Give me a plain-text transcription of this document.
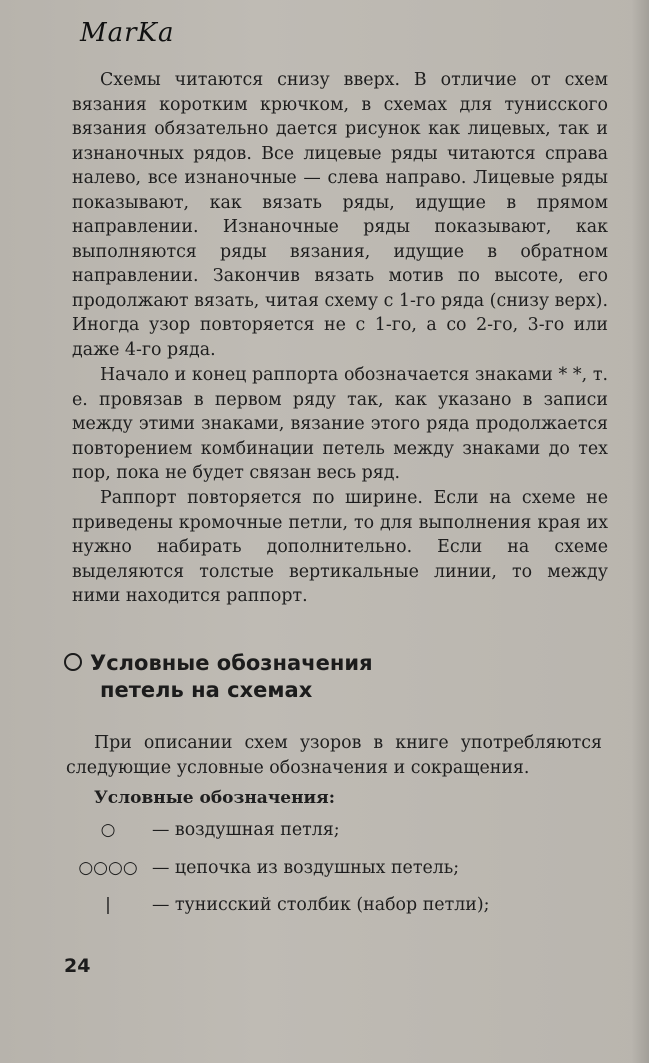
MarKa

Схемы читаются снизу вверх. В отличие от схем вязания коротким крючком, в схемах для тунисского вязания обязательно дается рисунок как лицевых, так и изнаночных рядов. Все лицевые ряды читаются справа налево, все изнаночные — слева направо. Лицевые ряды показывают, как вязать ряды, идущие в прямом направлении. Изнаночные ряды показывают, как выполняются ряды вязания, идущие в обратном направлении. Закончив вязать мотив по высоте, его продолжают вязать, читая схему с 1-го ряда (снизу верх). Иногда узор повторяется не с 1-го, а со 2-го, 3-го или даже 4-го ряда.

Начало и конец раппорта обозначается знаками * *, т. е. провязав в первом ряду так, как указано в записи между этими знаками, вязание этого ряда продолжается повторением комбинации петель между знаками до тех пор, пока не будет связан весь ряд.

Раппорт повторяется по ширине. Если на схеме не приведены кромочные петли, то для выполнения края их нужно набирать дополнительно. Если на схеме выделяются толстые вертикальные линии, то между ними находится раппорт.

Условные обозначения
петель на схемах

При описании схем узоров в книге употребляются следующие условные обозначения и сокращения.

Условные обозначения:
○	— воздушная петля;
○○○○ — цепочка из воздушных петель;
|	— тунисский столбик (набор петли);
24
